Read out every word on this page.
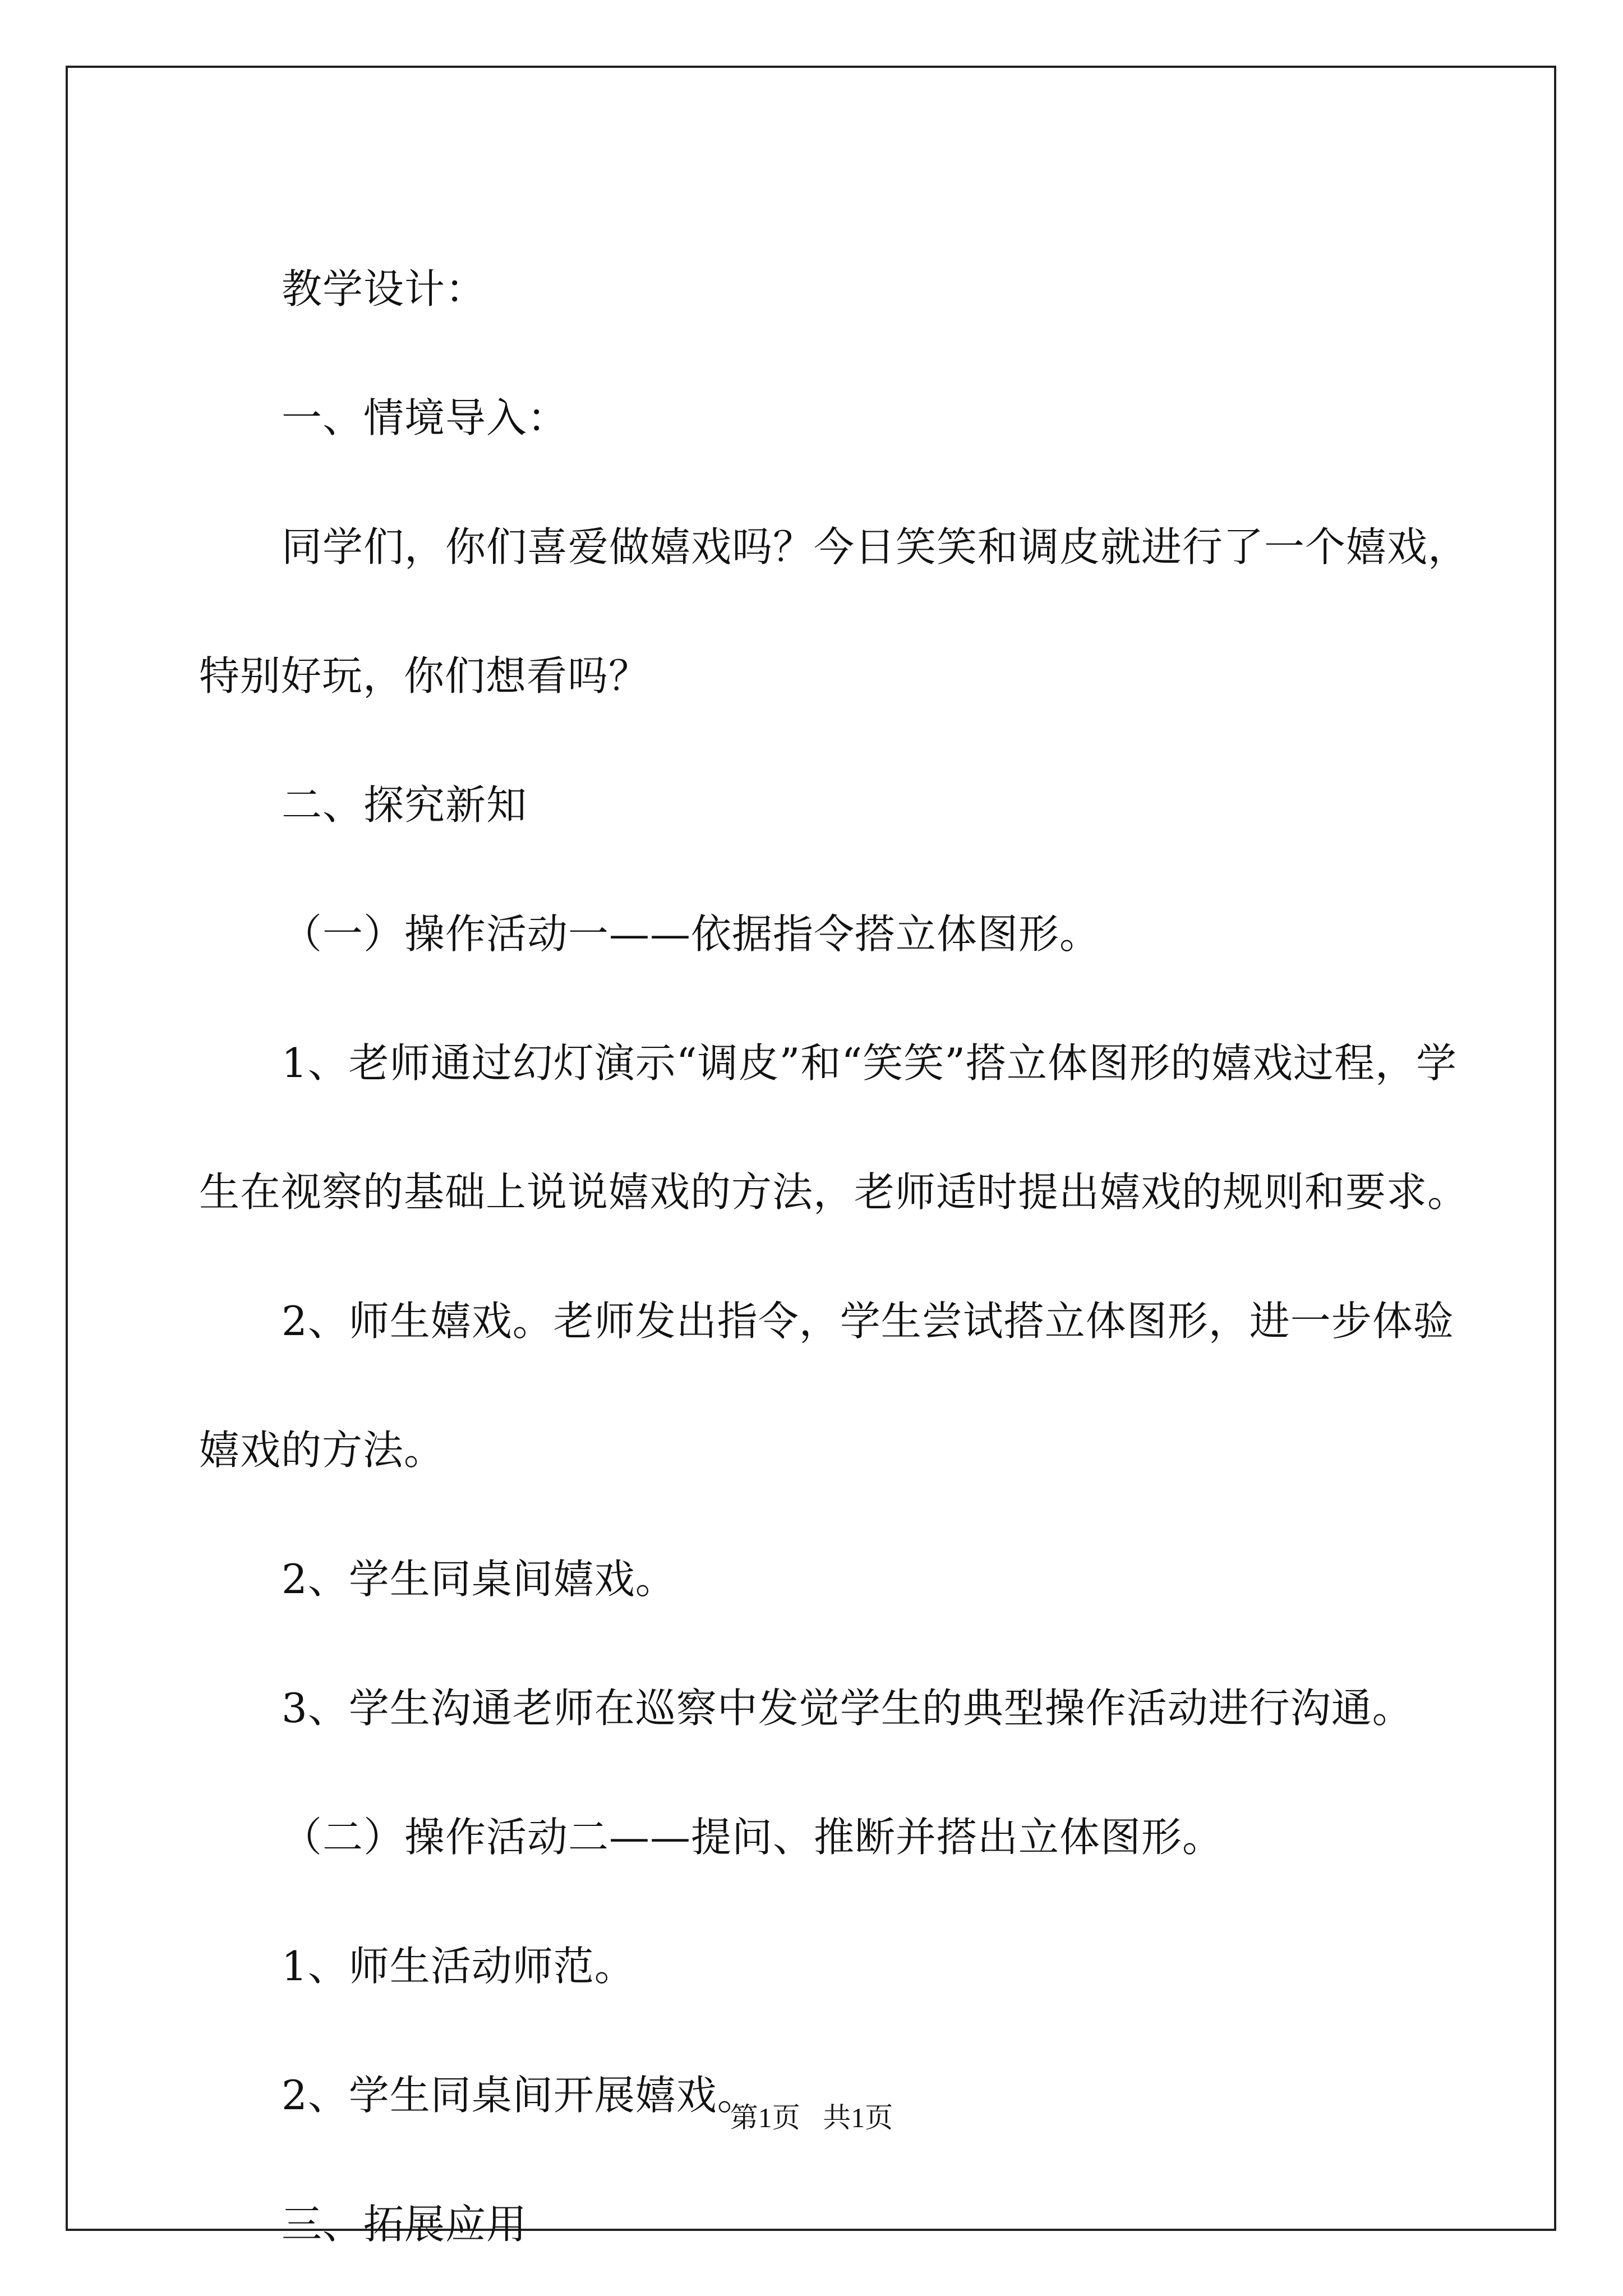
教学设计：

一、情境导入：

同学们，你们喜爱做嬉戏吗？今日笑笑和调皮就进行了一个嬉戏，特别好玩，你们想看吗？

二、探究新知

（一）操作活动一——依据指令搭立体图形。

1、老师通过幻灯演示“调皮”和“笑笑”搭立体图形的嬉戏过程，学生在视察的基础上说说嬉戏的方法，老师适时提出嬉戏的规则和要求。

2、师生嬉戏。老师发出指令，学生尝试搭立体图形，进一步体验嬉戏的方法。

2、学生同桌间嬉戏。

3、学生沟通老师在巡察中发觉学生的典型操作活动进行沟通。

（二）操作活动二——提问、推断并搭出立体图形。

1、师生活动师范。

2、学生同桌间开展嬉戏。

三、拓展应用

第1页 共1页
